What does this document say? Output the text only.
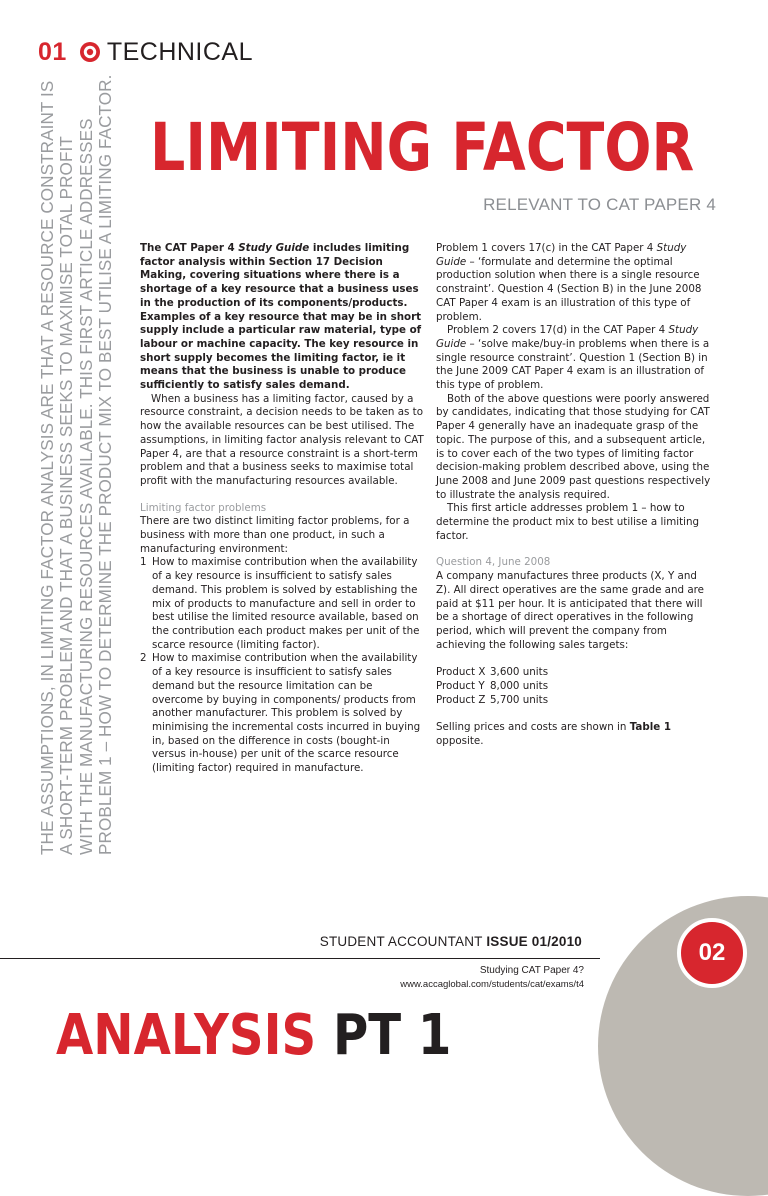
01 TECHNICAL
THE ASSUMPTIONS, IN LIMITING FACTOR ANALYSIS ARE THAT A RESOURCE CONSTRAINT IS A SHORT-TERM PROBLEM AND THAT A BUSINESS SEEKS TO MAXIMISE TOTAL PROFIT WITH THE MANUFACTURING RESOURCES AVAILABLE. THIS FIRST ARTICLE ADDRESSES PROBLEM 1 – HOW TO DETERMINE THE PRODUCT MIX TO BEST UTILISE A LIMITING FACTOR. LIMITING FACTOR
RELEVANT TO CAT PAPER 4

The CAT Paper 4 Study Guide includes limiting factor analysis within Section 17 Decision Making, covering situations where there is a shortage of a key resource that a business uses in the production of its components/products. Examples of a key resource that may be in short supply include a particular raw material, type of labour or machine capacity. The key resource in short supply becomes the limiting factor, ie it means that the business is unable to produce sufficiently to satisfy sales demand.

When a business has a limiting factor, caused by a resource constraint, a decision needs to be taken as to how the available resources can be best utilised. The assumptions, in limiting factor analysis relevant to CAT Paper 4, are that a resource constraint is a short-term problem and that a business seeks to maximise total profit with the manufacturing resources available.

Limiting factor problems

There are two distinct limiting factor problems, for a business with more than one product, in such a manufacturing environment:

1 How to maximise contribution when the availability of a key resource is insufficient to satisfy sales demand. This problem is solved by establishing the mix of products to manufacture and sell in order to best utilise the limited resource available, based on the contribution each product makes per unit of the scarce resource (limiting factor).
2 How to maximise contribution when the availability of a key resource is insufficient to satisfy sales demand but the resource limitation can be overcome by buying in components/ products from another manufacturer. This problem is solved by minimising the incremental costs incurred in buying in, based on the difference in costs (bought-in versus in-house) per unit of the scarce resource (limiting factor) required in manufacture.

Problem 1 covers 17(c) in the CAT Paper 4 Study Guide – ‘formulate and determine the optimal production solution when there is a single resource constraint’. Question 4 (Section B) in the June 2008 CAT Paper 4 exam is an illustration of this type of problem.

Problem 2 covers 17(d) in the CAT Paper 4 Study Guide – ‘solve make/buy-in problems when there is a single resource constraint’. Question 1 (Section B) in the June 2009 CAT Paper 4 exam is an illustration of this type of problem.

Both of the above questions were poorly answered by candidates, indicating that those studying for CAT Paper 4 generally have an inadequate grasp of the topic. The purpose of this, and a subsequent article, is to cover each of the two types of limiting factor decision-making problem described above, using the June 2008 and June 2009 past questions respectively to illustrate the analysis required.

This first article addresses problem 1 – how to determine the product mix to best utilise a limiting factor.

Question 4, June 2008

A company manufactures three products (X, Y and Z). All direct operatives are the same grade and are paid at $11 per hour. It is anticipated that there will be a shortage of direct operatives in the following period, which will prevent the company from achieving the following sales targets:

Product X 3,600 units
Product Y 8,000 units
Product Z 5,700 units

Selling prices and costs are shown in Table 1 opposite.

STUDENT ACCOUNTANT ISSUE 01/2010	02
Studying CAT Paper 4?
www.accaglobal.com/students/cat/exams/t4
ANALYSIS PT 1
